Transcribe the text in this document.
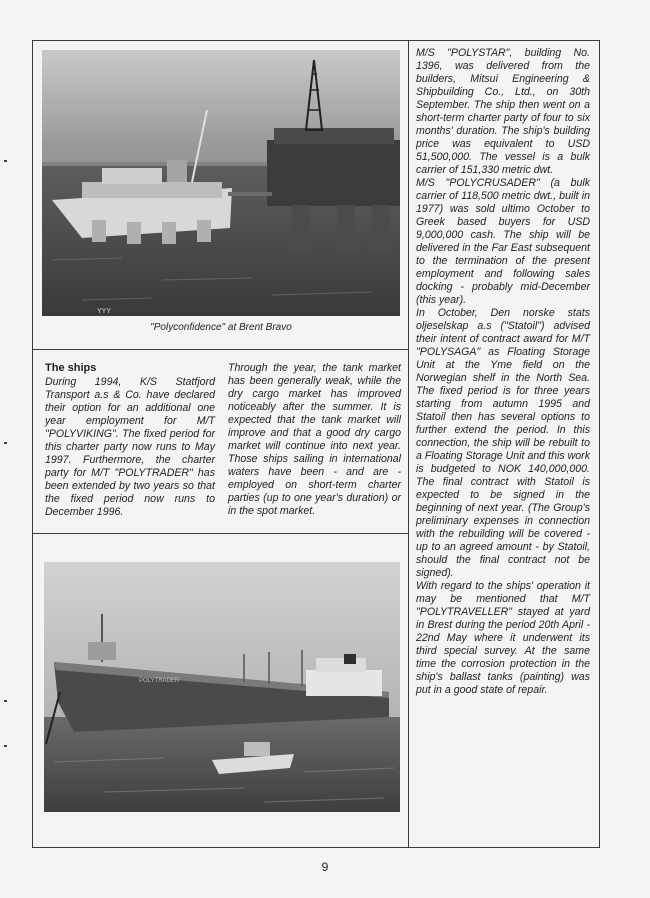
YYY
"Polyconfidence" at Brent Bravo
The ships

During 1994, K/S Statfjord Transport a.s & Co. have declared their option for an additional one year employment for M/T "POLYVIKING". The fixed period for this charter party now runs to May 1997. Furthermore, the charter party for M/T "POLYTRADER" has been extended by two years so that the fixed period now runs to December 1996.

Through the year, the tank market has been generally weak, while the dry cargo market has improved noticeably after the summer. It is expected that the tank market will improve and that a good dry cargo market will continue into next year. Those ships sailing in international waters have been - and are - employed on short-term charter parties (up to one year's duration) or in the spot market.

POLYTRADER

M/S "POLYSTAR", building No. 1396, was delivered from the builders, Mitsui Engineering & Shipbuilding Co., Ltd., on 30th September. The ship then went on a short-term charter party of four to six months' duration. The ship's building price was equivalent to USD 51,500,000. The vessel is a bulk carrier of 151,330 metric dwt.

M/S "POLYCRUSADER" (a bulk carrier of 118,500 metric dwt., built in 1977) was sold ultimo October to Greek based buyers for USD 9,000,000 cash. The ship will be delivered in the Far East subsequent to the termination of the present employment and following sales docking - probably mid-December (this year).

In October, Den norske stats oljeselskap a.s ("Statoil") advised their intent of contract award for M/T "POLYSAGA" as Floating Storage Unit at the Yme field on the Norwegian shelf in the North Sea. The fixed period is for three years starting from autumn 1995 and Statoil then has several options to further extend the period. In this connection, the ship will be rebuilt to a Floating Storage Unit and this work is budgeted to NOK 140,000,000. The final contract with Statoil is expected to be signed in the beginning of next year. (The Group's preliminary expenses in connection with the rebuilding will be covered - up to an agreed amount - by Statoil, should the final contract not be signed).

With regard to the ships' operation it may be mentioned that M/T "POLYTRAVELLER" stayed at yard in Brest during the period 20th April - 22nd May where it underwent its third special survey. At the same time the corrosion protection in the ship's ballast tanks (painting) was put in a good state of repair.

9
